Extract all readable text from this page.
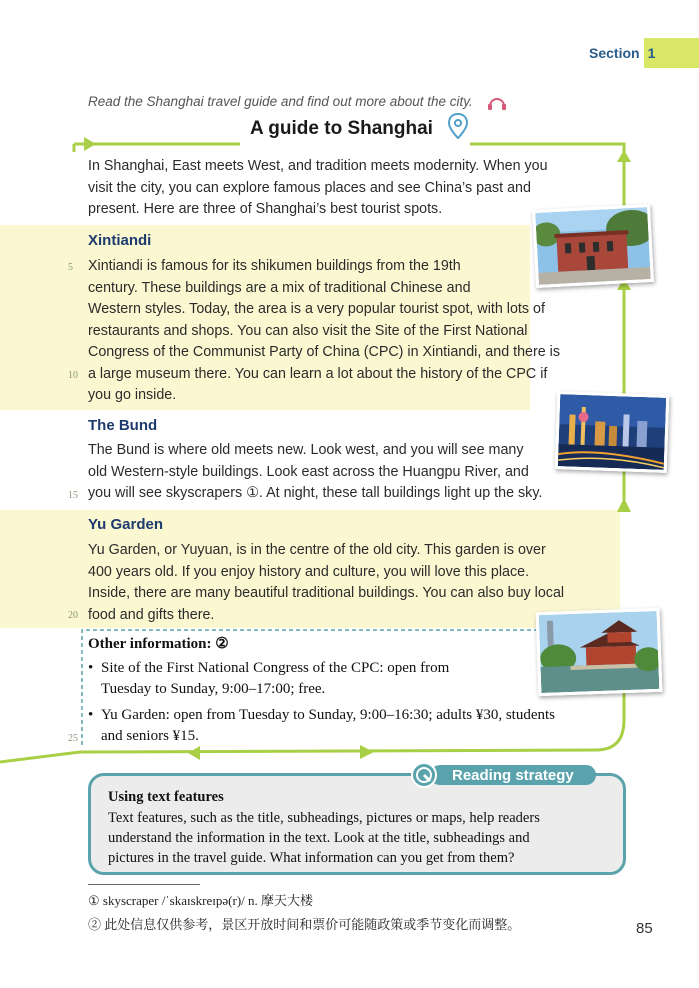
Section 1
Read the Shanghai travel guide and find out more about the city.
A guide to Shanghai
In Shanghai, East meets West, and tradition meets modernity. When you
visit the city, you can explore famous places and see China’s past and
present. Here are three of Shanghai’s best tourist spots.
Xintiandi
Xintiandi is famous for its shikumen buildings from the 19th
century. These buildings are a mix of traditional Chinese and
Western styles. Today, the area is a very popular tourist spot, with lots of
restaurants and shops. You can also visit the Site of the First National
Congress of the Communist Party of China (CPC) in Xintiandi, and there is
a large museum there. You can learn a lot about the history of the CPC if
you go inside.
The Bund
The Bund is where old meets new. Look west, and you will see many
old Western-style buildings. Look east across the Huangpu River, and
you will see skyscrapers ①. At night, these tall buildings light up the sky.
Yu Garden
Yu Garden, or Yuyuan, is in the centre of the old city. This garden is over
400 years old. If you enjoy history and culture, you will love this place.
Inside, there are many beautiful traditional buildings. You can also buy local
food and gifts there.
5
10
15
20
25
Other information: ②
• Site of the First National Congress of the CPC: open from
Tuesday to Sunday, 9:00–17:00; free.
• Yu Garden: open from Tuesday to Sunday, 9:00–16:30; adults ¥30, students
and seniors ¥15.
Reading strategy
Using text features
Text features, such as the title, subheadings, pictures or maps, help readers
understand the information in the text. Look at the title, subheadings and
pictures in the travel guide. What information can you get from them?
① skyscraper /ˈskaɪskreɪpə(r)/ n. 摩天大楼
② 此处信息仅供参考，景区开放时间和票价可能随政策或季节变化而调整。	85
